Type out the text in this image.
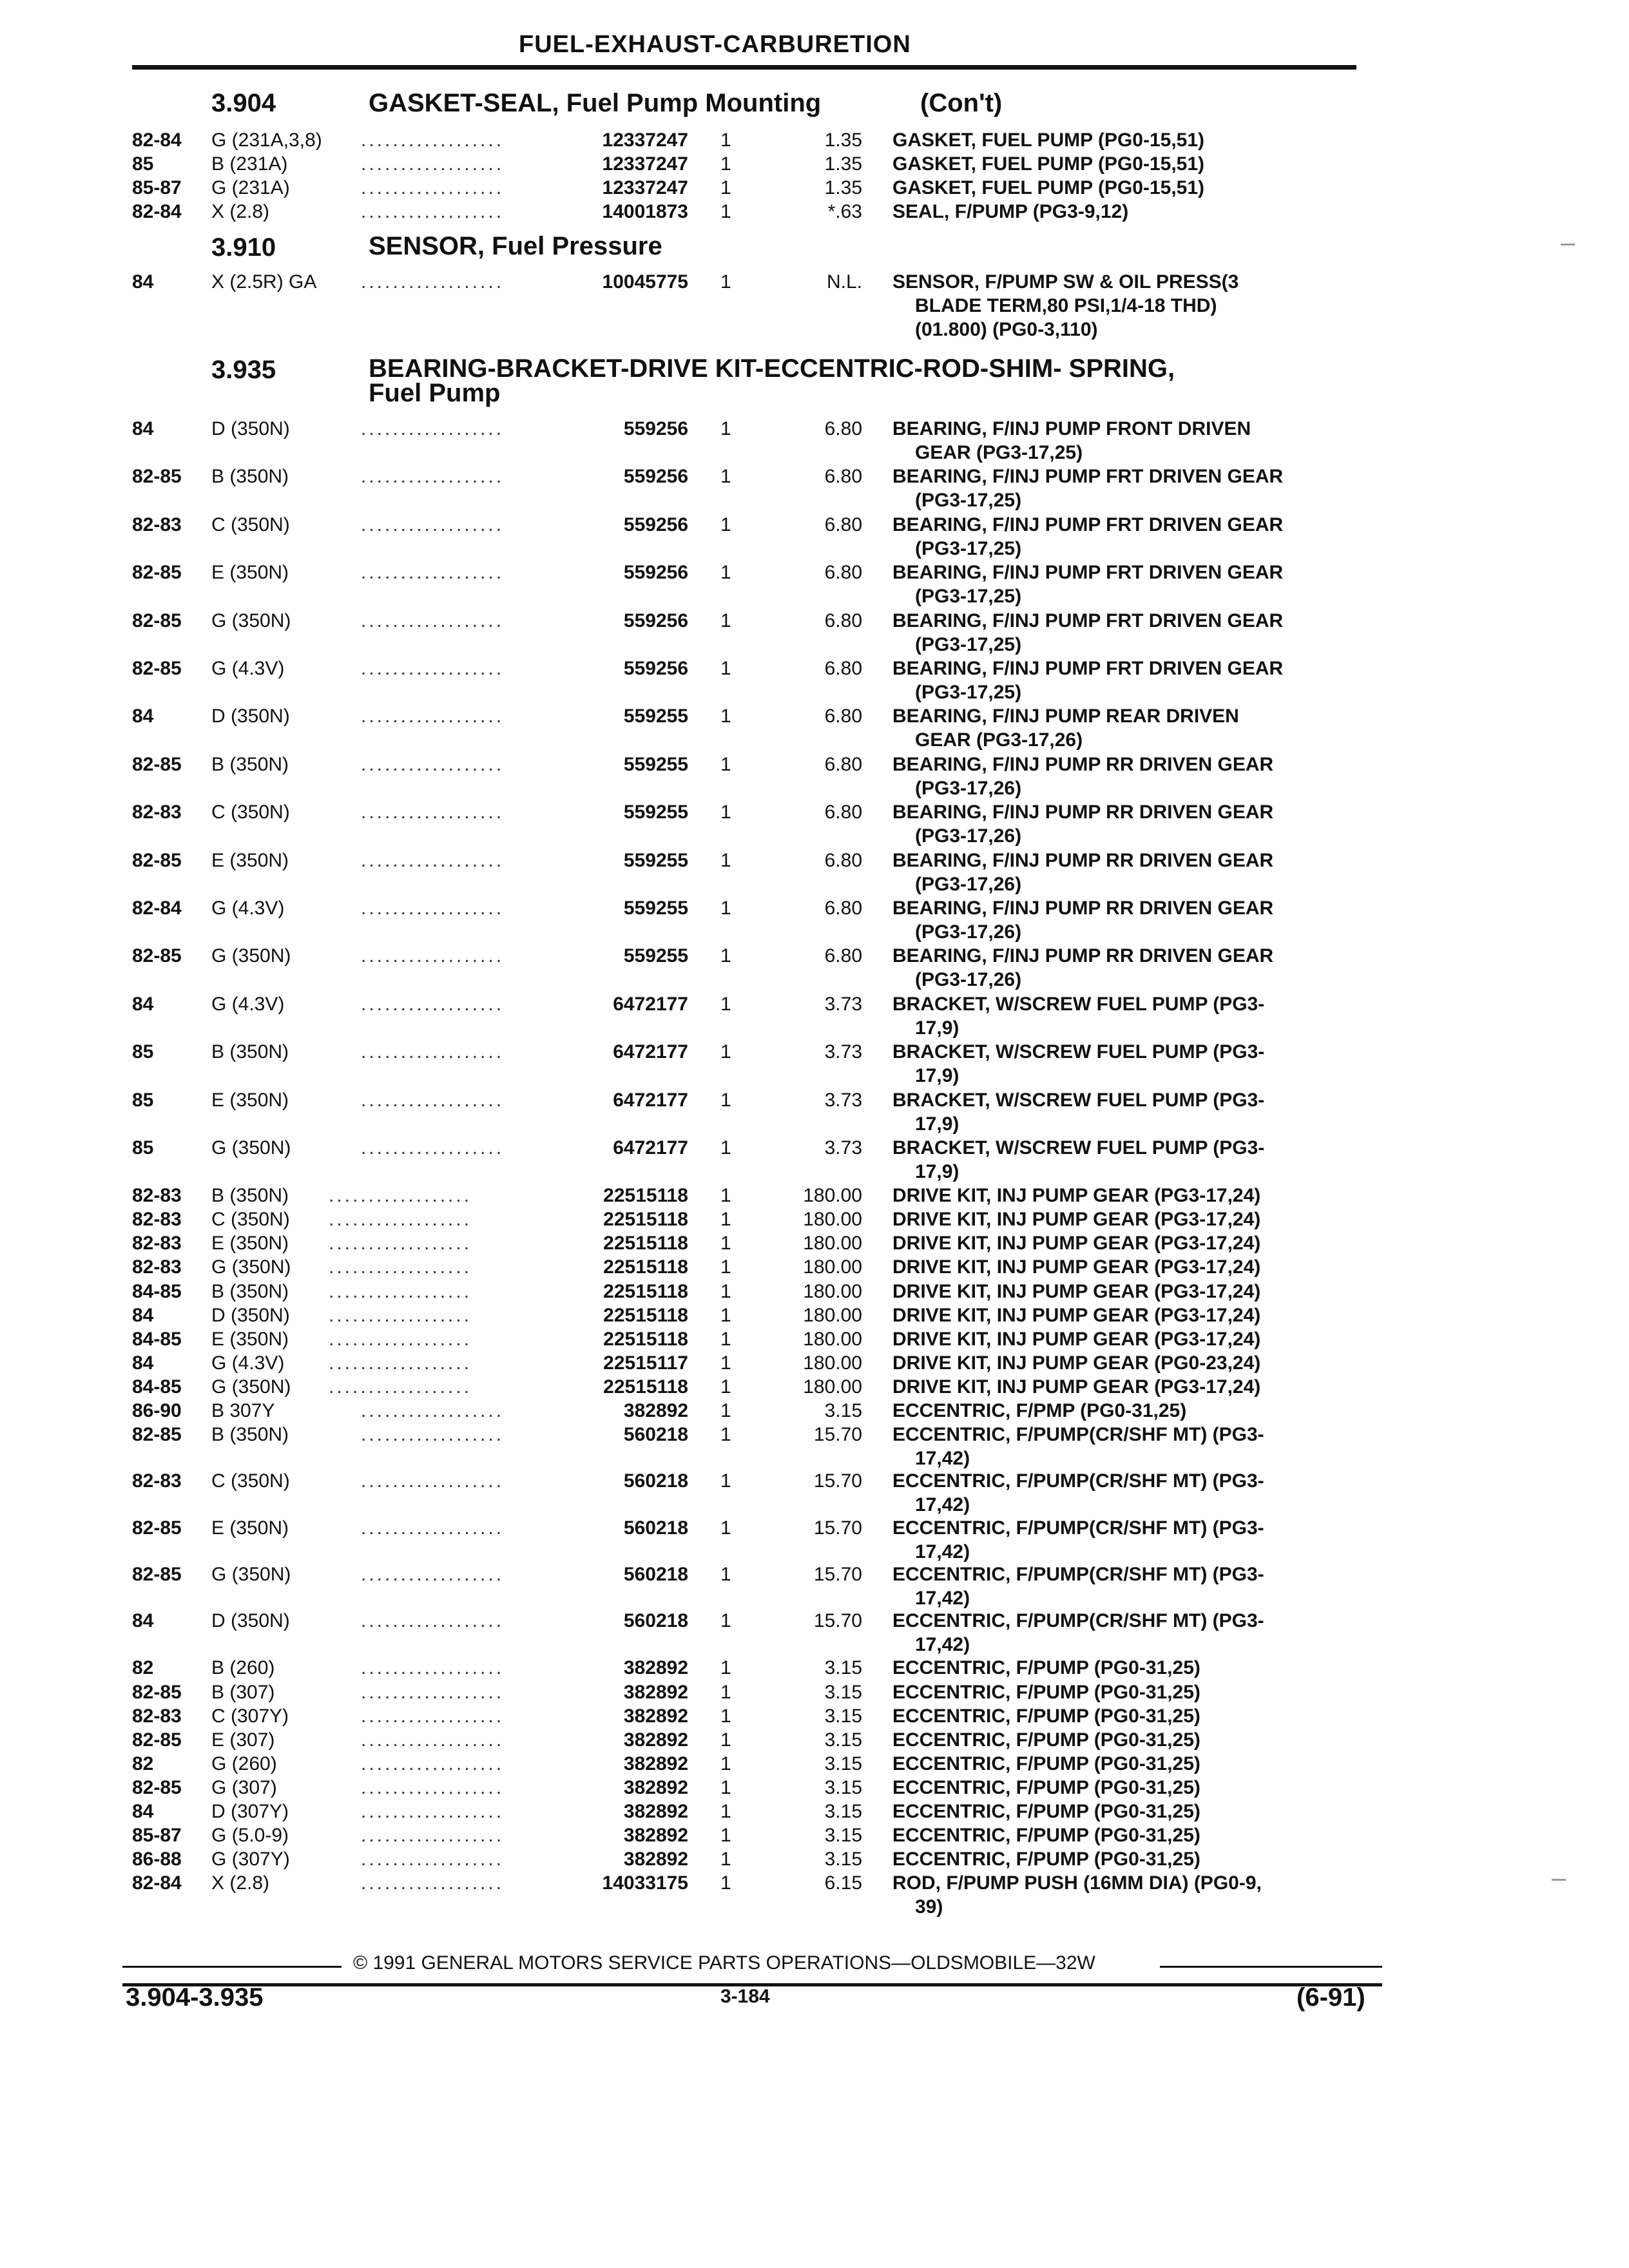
FUEL-EXHAUST-CARBURETION
3.904	GASKET-SEAL, Fuel Pump Mounting	(Con't)
3.910	SENSOR, Fuel Pressure
3.935	BEARING-BRACKET-DRIVE KIT-ECCENTRIC-ROD-SHIM- SPRING,
Fuel Pump
82-84 G (231A,3,8) ..................	12337247 1	1.35 GASKET, FUEL PUMP (PG0-15,51)
85	B (231A)	..................	12337247 1	1.35 GASKET, FUEL PUMP (PG0-15,51)
85-87 G (231A)	..................	12337247 1	1.35 GASKET, FUEL PUMP (PG0-15,51)
82-84 X (2.8)	..................	14001873 1	*.63 SEAL, F/PUMP (PG3-9,12)
84	X (2.5R) GA ..................	10045775 1	N.L. SENSOR, F/PUMP SW & OIL PRESS(3
BLADE TERM,80 PSI,1/4-18 THD)
(01.800) (PG0-3,110)
84	D (350N)	..................	559256 1	6.80 BEARING, F/INJ PUMP FRONT DRIVEN
GEAR (PG3-17,25)
82-85 B (350N)	..................	559256 1	6.80 BEARING, F/INJ PUMP FRT DRIVEN GEAR
(PG3-17,25)
82-83 C (350N)	..................	559256 1	6.80 BEARING, F/INJ PUMP FRT DRIVEN GEAR
(PG3-17,25)
82-85 E (350N)	..................	559256 1	6.80 BEARING, F/INJ PUMP FRT DRIVEN GEAR
(PG3-17,25)
82-85 G (350N)	..................	559256 1	6.80 BEARING, F/INJ PUMP FRT DRIVEN GEAR
(PG3-17,25)
82-85 G (4.3V)	..................	559256 1	6.80 BEARING, F/INJ PUMP FRT DRIVEN GEAR
(PG3-17,25)
84	D (350N)	..................	559255 1	6.80 BEARING, F/INJ PUMP REAR DRIVEN
GEAR (PG3-17,26)
82-85 B (350N)	..................	559255 1	6.80 BEARING, F/INJ PUMP RR DRIVEN GEAR
(PG3-17,26)
82-83 C (350N)	..................	559255 1	6.80 BEARING, F/INJ PUMP RR DRIVEN GEAR
(PG3-17,26)
82-85 E (350N)	..................	559255 1	6.80 BEARING, F/INJ PUMP RR DRIVEN GEAR
(PG3-17,26)
82-84 G (4.3V)	..................	559255 1	6.80 BEARING, F/INJ PUMP RR DRIVEN GEAR
(PG3-17,26)
82-85 G (350N)	..................	559255 1	6.80 BEARING, F/INJ PUMP RR DRIVEN GEAR
(PG3-17,26)
84	G (4.3V)	..................	6472177 1	3.73 BRACKET, W/SCREW FUEL PUMP (PG3-
17,9)
85	B (350N)	..................	6472177 1	3.73 BRACKET, W/SCREW FUEL PUMP (PG3-
17,9)
85	E (350N)	..................	6472177 1	3.73 BRACKET, W/SCREW FUEL PUMP (PG3-
17,9)
85	G (350N)	..................	6472177 1	3.73 BRACKET, W/SCREW FUEL PUMP (PG3-
17,9)
82-83 B (350N) ..................	22515118 1	180.00 DRIVE KIT, INJ PUMP GEAR (PG3-17,24)
82-83 C (350N) ..................	22515118 1	180.00 DRIVE KIT, INJ PUMP GEAR (PG3-17,24)
82-83 E (350N) ..................	22515118 1	180.00 DRIVE KIT, INJ PUMP GEAR (PG3-17,24)
82-83 G (350N) ..................	22515118 1	180.00 DRIVE KIT, INJ PUMP GEAR (PG3-17,24)
84-85 B (350N) ..................	22515118 1	180.00 DRIVE KIT, INJ PUMP GEAR (PG3-17,24)
84	D (350N) ..................	22515118 1	180.00 DRIVE KIT, INJ PUMP GEAR (PG3-17,24)
84-85 E (350N) ..................	22515118 1	180.00 DRIVE KIT, INJ PUMP GEAR (PG3-17,24)
84	G (4.3V) ..................	22515117 1	180.00 DRIVE KIT, INJ PUMP GEAR (PG0-23,24)
84-85 G (350N) ..................	22515118 1	180.00 DRIVE KIT, INJ PUMP GEAR (PG3-17,24)
86-90 B 307Y	..................	382892 1	3.15 ECCENTRIC, F/PMP (PG0-31,25)
82-85 B (350N)	..................	560218 1	15.70 ECCENTRIC, F/PUMP(CR/SHF MT) (PG3-
17,42)
82-83 C (350N)	..................	560218 1	15.70 ECCENTRIC, F/PUMP(CR/SHF MT) (PG3-
17,42)
82-85 E (350N)	..................	560218 1	15.70 ECCENTRIC, F/PUMP(CR/SHF MT) (PG3-
17,42)
82-85 G (350N)	..................	560218 1	15.70 ECCENTRIC, F/PUMP(CR/SHF MT) (PG3-
17,42)
84	D (350N)	..................	560218 1	15.70 ECCENTRIC, F/PUMP(CR/SHF MT) (PG3-
17,42)
82	B (260)	..................	382892 1	3.15 ECCENTRIC, F/PUMP (PG0-31,25)
82-85 B (307)	..................	382892 1	3.15 ECCENTRIC, F/PUMP (PG0-31,25)
82-83 C (307Y)	..................	382892 1	3.15 ECCENTRIC, F/PUMP (PG0-31,25)
82-85 E (307)	..................	382892 1	3.15 ECCENTRIC, F/PUMP (PG0-31,25)
82	G (260)	..................	382892 1	3.15 ECCENTRIC, F/PUMP (PG0-31,25)
82-85 G (307)	..................	382892 1	3.15 ECCENTRIC, F/PUMP (PG0-31,25)
84	D (307Y)	..................	382892 1	3.15 ECCENTRIC, F/PUMP (PG0-31,25)
85-87 G (5.0-9)	..................	382892 1	3.15 ECCENTRIC, F/PUMP (PG0-31,25)
86-88 G (307Y)	..................	382892 1	3.15 ECCENTRIC, F/PUMP (PG0-31,25)
82-84 X (2.8)	..................	14033175 1	6.15 ROD, F/PUMP PUSH (16MM DIA) (PG0-9,
39)
© 1991 GENERAL MOTORS SERVICE PARTS OPERATIONS—OLDSMOBILE—32W
3.904-3.935	3-184	(6-91)
